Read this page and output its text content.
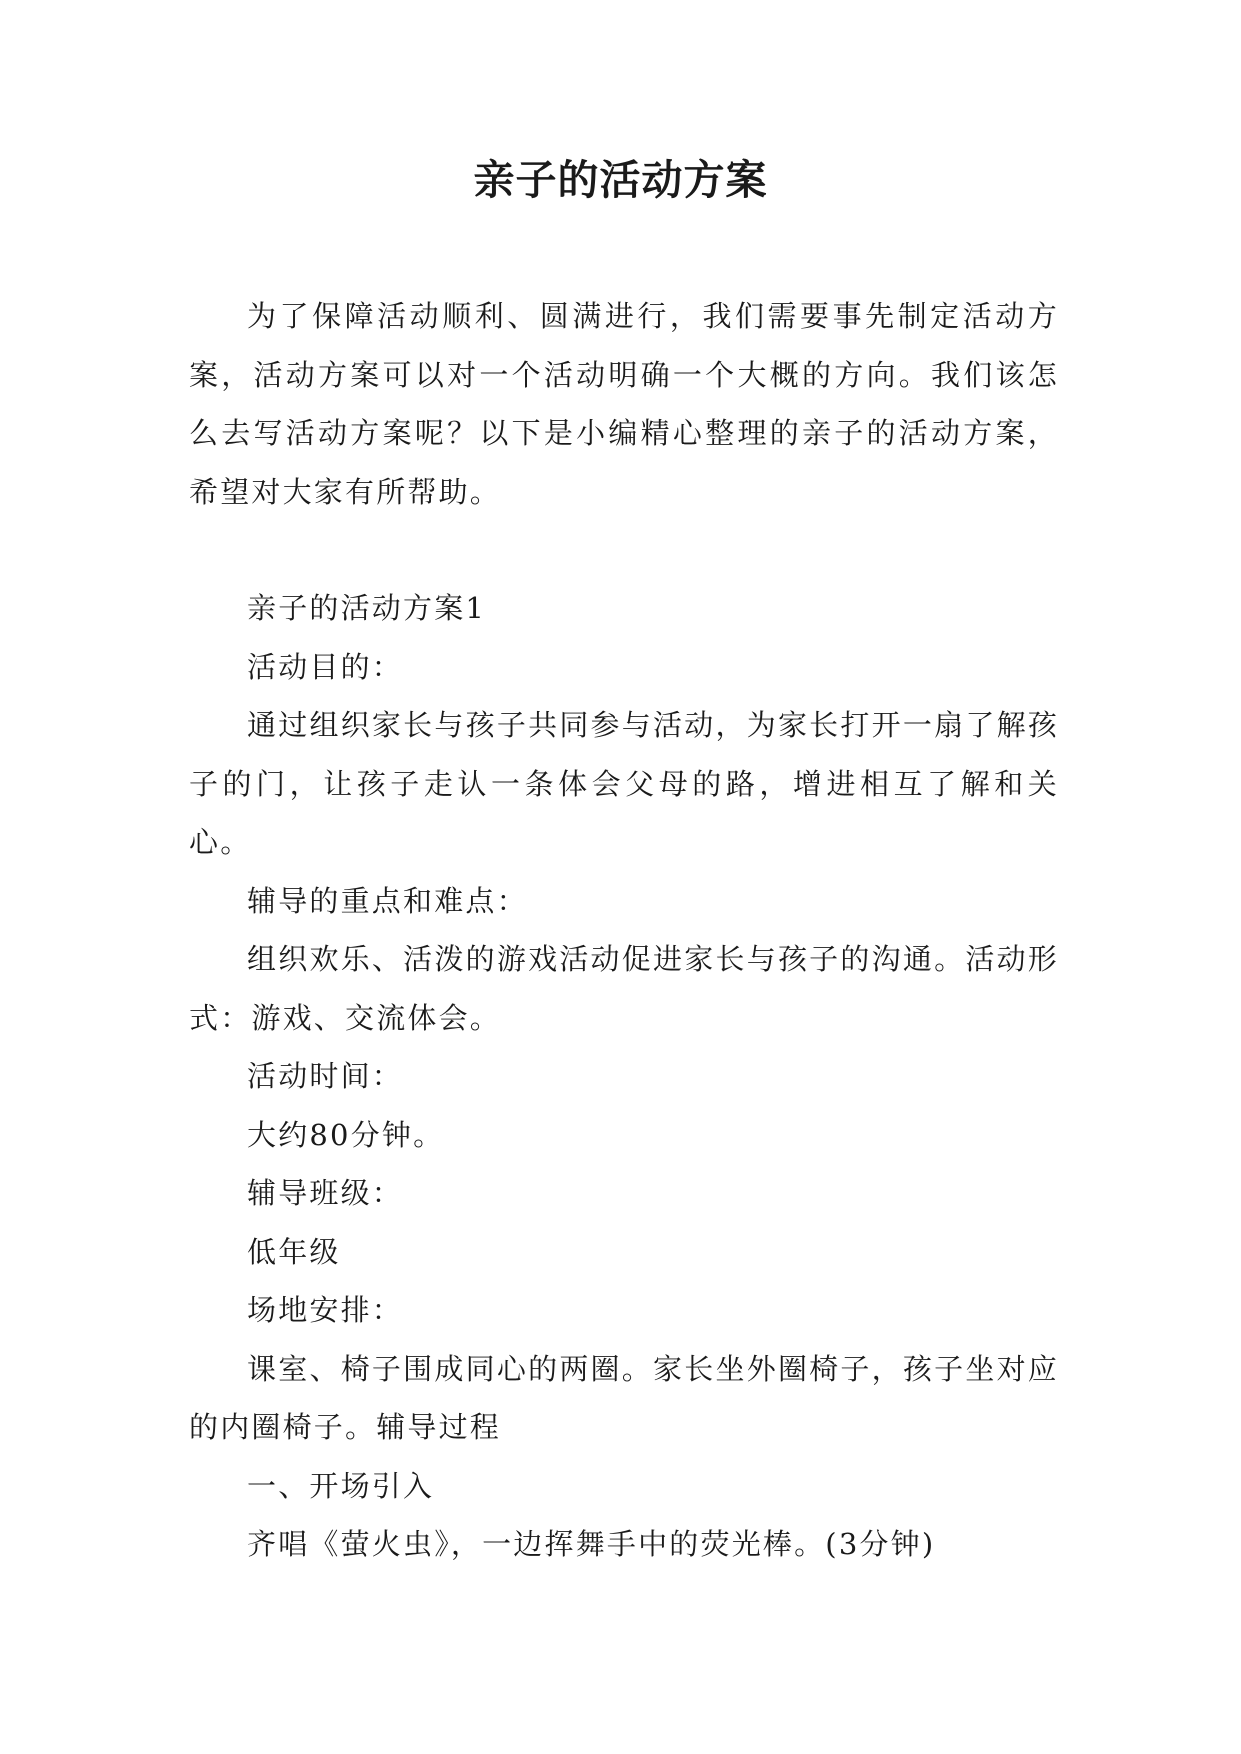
亲子的活动方案

为了保障活动顺利、圆满进行，我们需要事先制定活动方案，活动方案可以对一个活动明确一个大概的方向。我们该怎么去写活动方案呢？以下是小编精心整理的亲子的活动方案，希望对大家有所帮助。

亲子的活动方案1

活动目的：

通过组织家长与孩子共同参与活动，为家长打开一扇了解孩子的门，让孩子走认一条体会父母的路，增进相互了解和关心。

辅导的重点和难点：

组织欢乐、活泼的游戏活动促进家长与孩子的沟通。活动形式：游戏、交流体会。

活动时间：

大约80分钟。

辅导班级：

低年级

场地安排：

课室、椅子围成同心的两圈。家长坐外圈椅子，孩子坐对应的内圈椅子。辅导过程

一、开场引入

齐唱《萤火虫》，一边挥舞手中的荧光棒。(3分钟)
